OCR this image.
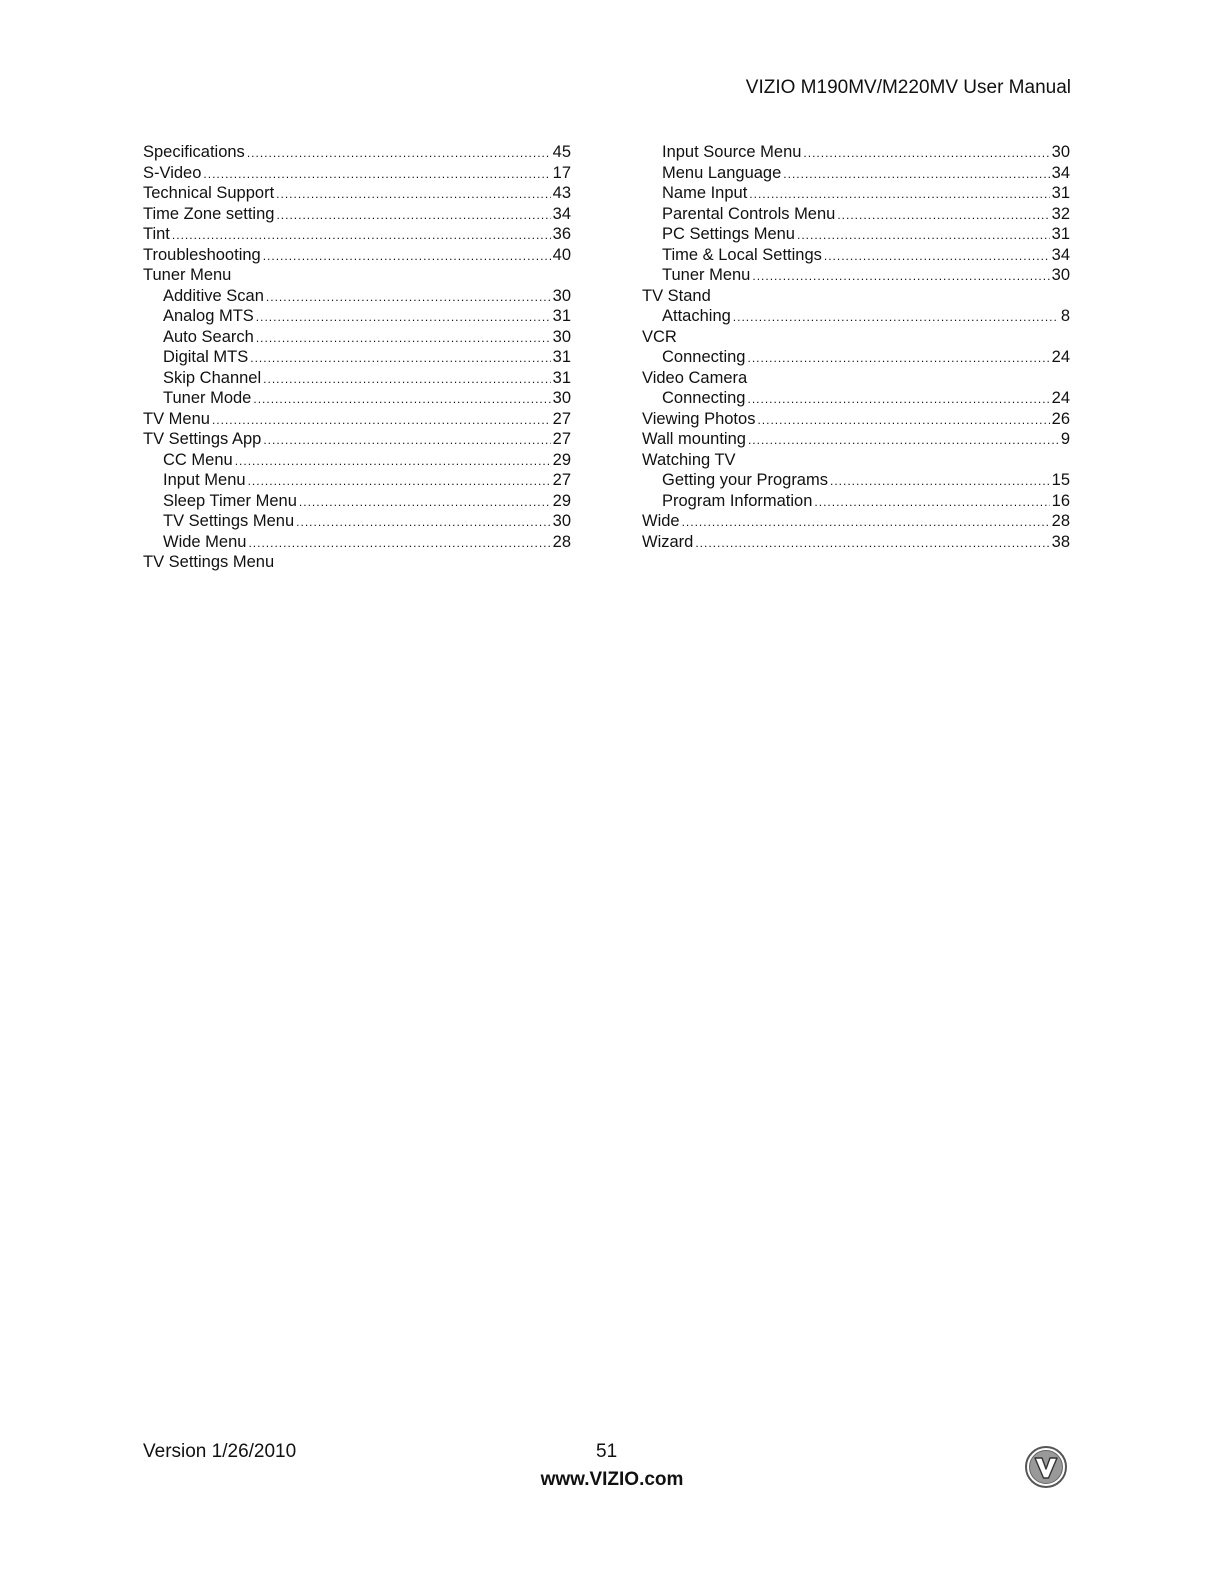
VIZIO M190MV/M220MV User Manual
Specifications .....	45
S-Video .....	17
Technical Support .....	43
Time Zone setting .....	34
Tint .....	36
Troubleshooting .....	40
Tuner Menu
Additive Scan .....	30
Analog MTS .....	31
Auto Search .....	30
Digital MTS .....	31
Skip Channel .....	31
Tuner Mode .....	30
TV Menu .....	27
TV Settings App .....	27
CC Menu .....	29
Input Menu .....	27
Sleep Timer Menu .....	29
TV Settings Menu .....	30
Wide Menu .....	28
TV Settings Menu
Input Source Menu .....	30
Menu Language .....	34
Name Input .....	31
Parental Controls Menu .....	32
PC Settings Menu .....	31
Time & Local Settings .....	34
Tuner Menu .....	30
TV Stand
Attaching .....	8
VCR
Connecting .....	24
Video Camera
Connecting .....	24
Viewing Photos .....	26
Wall mounting .....	9
Watching TV
Getting your Programs .....	15
Program Information .....	16
Wide .....	28
Wizard .....	38
Version 1/26/2010	51
www.VIZIO.com
